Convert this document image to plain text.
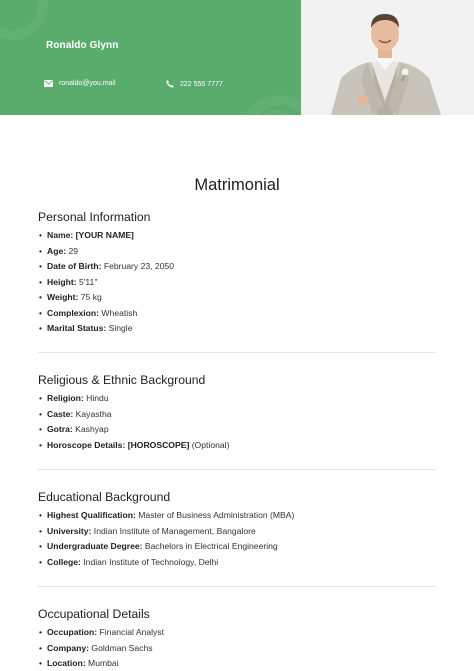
Ronaldo Glynn
ronaldo@you.mail	222 555 7777
Matrimonial
Personal Information
• Name: [YOUR NAME]
• Age: 29
• Date of Birth: February 23, 2050
• Height: 5'11"
• Weight: 75 kg
• Complexion: Wheatish
• Marital Status: Single
Religious & Ethnic Background
• Religion: Hindu
• Caste: Kayastha
• Gotra: Kashyap
• Horoscope Details: [HOROSCOPE] (Optional)
Educational Background
• Highest Qualification: Master of Business Administration (MBA)
• University: Indian Institute of Management, Bangalore
• Undergraduate Degree: Bachelors in Electrical Engineering
• College: Indian Institute of Technology, Delhi
Occupational Details
• Occupation: Financial Analyst
• Company: Goldman Sachs
• Location: Mumbai
